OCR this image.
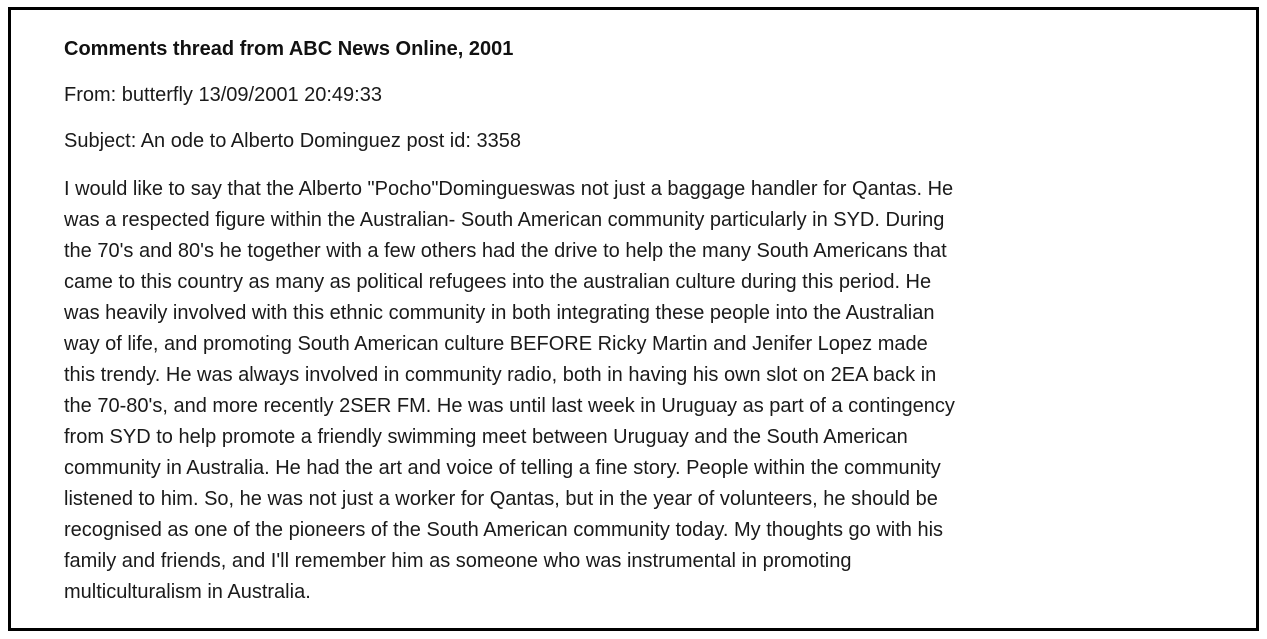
Comments thread from ABC News Online, 2001
From: butterfly 13/09/2001 20:49:33
Subject: An ode to Alberto Dominguez post id: 3358
I would like to say that the Alberto "Pocho"Domingueswas not just a baggage handler for Qantas. He
was a respected figure within the Australian- South American community particularly in SYD. During
the 70's and 80's he together with a few others had the drive to help the many South Americans that
came to this country as many as political refugees into the australian culture during this period. He
was heavily involved with this ethnic community in both integrating these people into the Australian
way of life, and promoting South American culture BEFORE Ricky Martin and Jenifer Lopez made
this trendy. He was always involved in community radio, both in having his own slot on 2EA back in
the 70-80's, and more recently 2SER FM. He was until last week in Uruguay as part of a contingency
from SYD to help promote a friendly swimming meet between Uruguay and the South American
community in Australia. He had the art and voice of telling a fine story. People within the community
listened to him. So, he was not just a worker for Qantas, but in the year of volunteers, he should be
recognised as one of the pioneers of the South American community today. My thoughts go with his
family and friends, and I'll remember him as someone who was instrumental in promoting
multiculturalism in Australia.
